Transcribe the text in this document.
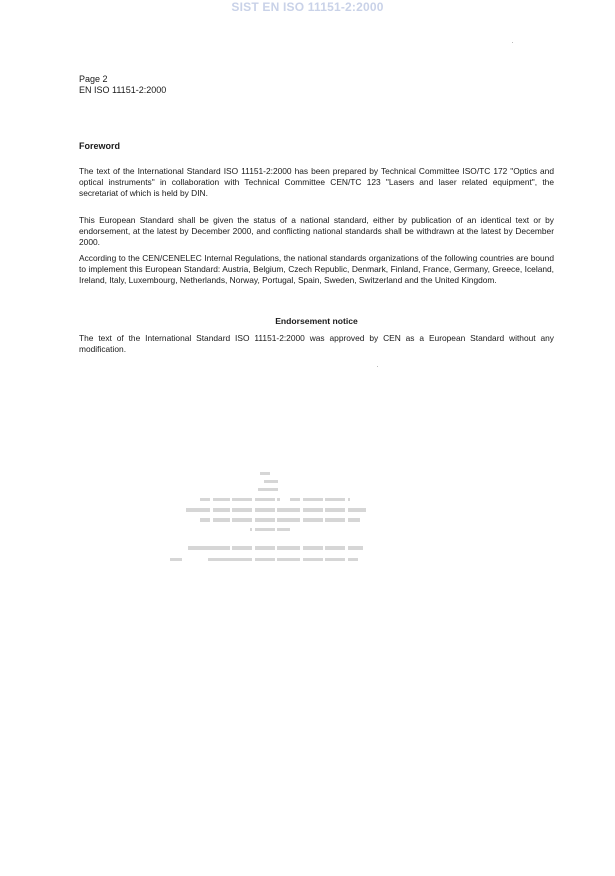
SIST EN ISO 11151-2:2000
Page 2
EN ISO 11151-2:2000
Foreword
The text of the International Standard ISO 11151-2:2000 has been prepared by Technical Committee ISO/TC 172 "Optics and optical instruments" in collaboration with Technical Committee CEN/TC 123 "Lasers and laser related equipment", the secretariat of which is held by DIN.
This European Standard shall be given the status of a national standard, either by publication of an identical text or by endorsement, at the latest by December 2000, and conflicting national standards shall be withdrawn at the latest by December 2000.
According to the CEN/CENELEC Internal Regulations, the national standards organizations of the following countries are bound to implement this European Standard: Austria, Belgium, Czech Republic, Denmark, Finland, France, Germany, Greece, Iceland, Ireland, Italy, Luxembourg, Netherlands, Norway, Portugal, Spain, Sweden, Switzerland and the United Kingdom.
Endorsement notice
The text of the International Standard ISO 11151-2:2000 was approved by CEN as a European Standard without any modification.
